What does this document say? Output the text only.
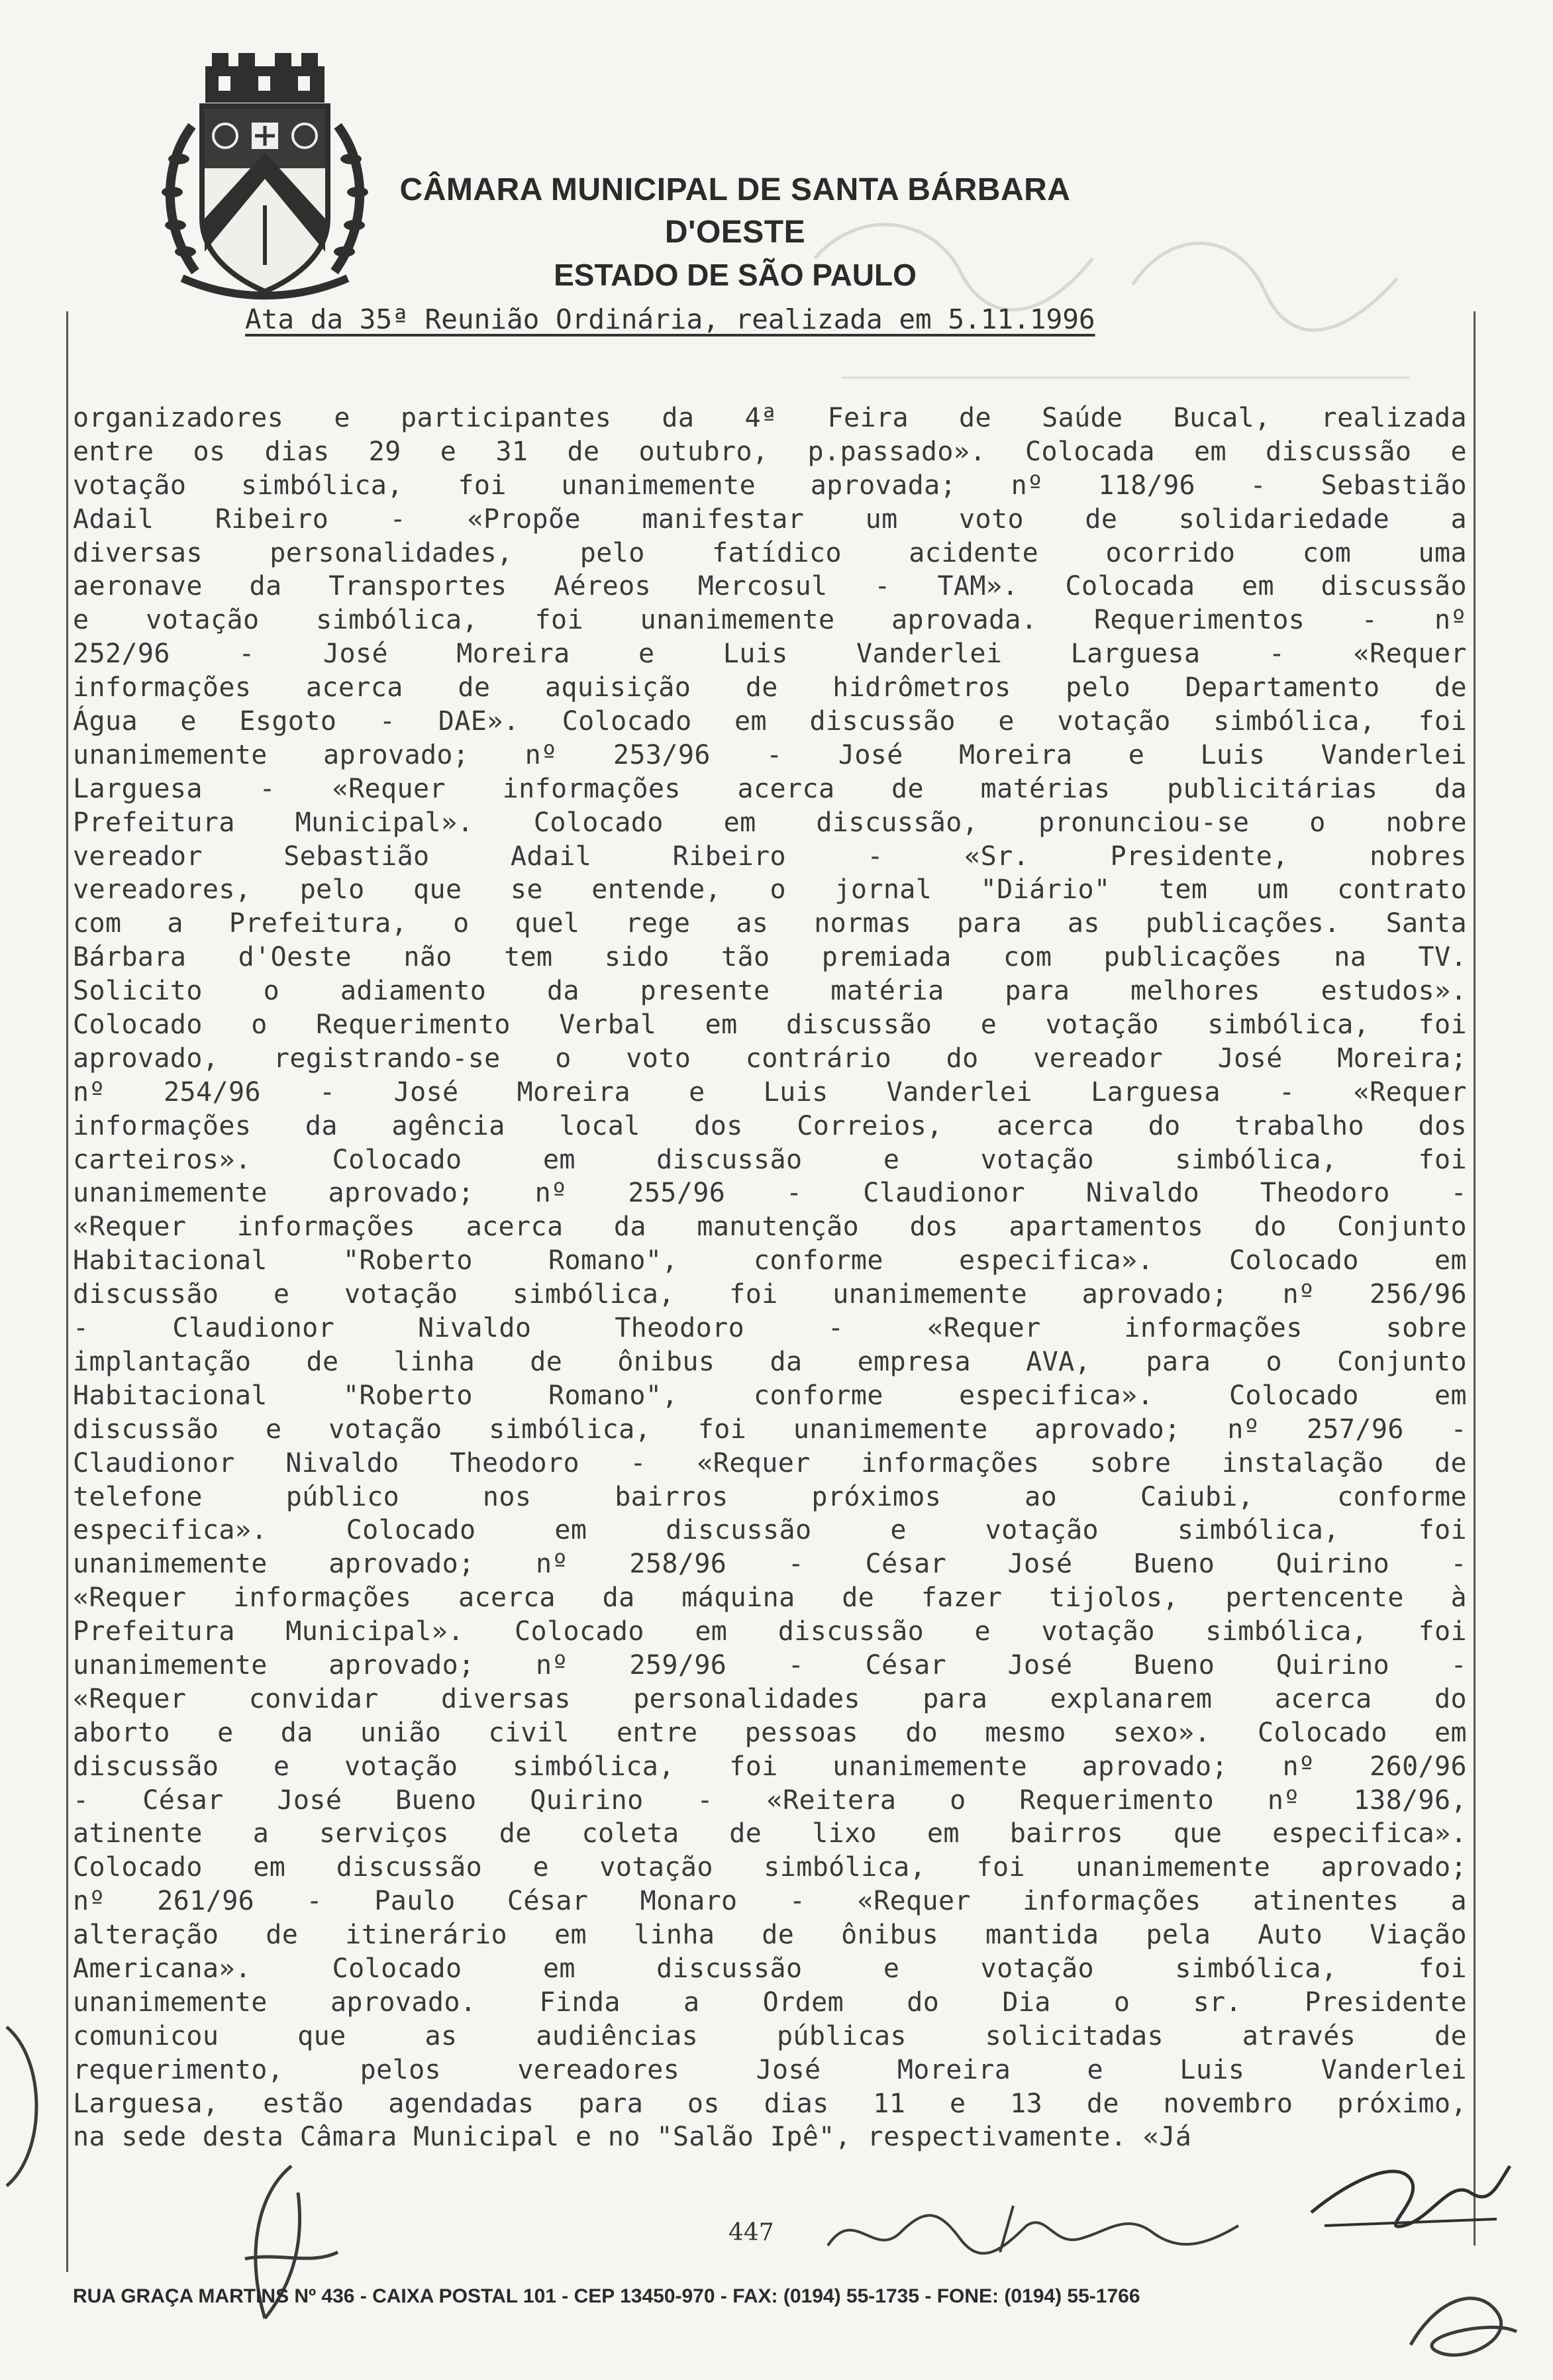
CÂMARA MUNICIPAL DE SANTA BÁRBARA D'OESTE
ESTADO DE SÃO PAULO
Ata da 35ª Reunião Ordinária, realizada em 5.11.1996
organizadores e participantes da 4ª Feira de Saúde Bucal, realizada
entre os dias 29 e 31 de outubro, p.passado». Colocada em discussão e
votação simbólica, foi unanimemente aprovada; nº 118/96 - Sebastião
Adail Ribeiro - «Propõe manifestar um voto de solidariedade a
diversas personalidades, pelo fatídico acidente ocorrido com uma
aeronave da Transportes Aéreos Mercosul - TAM». Colocada em discussão
e votação simbólica, foi unanimemente aprovada. Requerimentos - nº
252/96 - José Moreira e Luis Vanderlei Larguesa - «Requer
informações acerca de aquisição de hidrômetros pelo Departamento de
Água e Esgoto - DAE». Colocado em discussão e votação simbólica, foi
unanimemente aprovado; nº 253/96 - José Moreira e Luis Vanderlei
Larguesa - «Requer informações acerca de matérias publicitárias da
Prefeitura Municipal». Colocado em discussão, pronunciou-se o nobre
vereador Sebastião Adail Ribeiro - «Sr. Presidente, nobres
vereadores, pelo que se entende, o jornal "Diário" tem um contrato
com a Prefeitura, o quel rege as normas para as publicações. Santa
Bárbara d'Oeste não tem sido tão premiada com publicações na TV.
Solicito o adiamento da presente matéria para melhores estudos».
Colocado o Requerimento Verbal em discussão e votação simbólica, foi
aprovado, registrando-se o voto contrário do vereador José Moreira;
nº 254/96 - José Moreira e Luis Vanderlei Larguesa - «Requer
informações da agência local dos Correios, acerca do trabalho dos
carteiros». Colocado em discussão e votação simbólica, foi
unanimemente aprovado; nº 255/96 - Claudionor Nivaldo Theodoro -
«Requer informações acerca da manutenção dos apartamentos do Conjunto
Habitacional "Roberto Romano", conforme especifica». Colocado em
discussão e votação simbólica, foi unanimemente aprovado; nº 256/96
- Claudionor Nivaldo Theodoro - «Requer informações sobre
implantação de linha de ônibus da empresa AVA, para o Conjunto
Habitacional "Roberto Romano", conforme especifica». Colocado em
discussão e votação simbólica, foi unanimemente aprovado; nº 257/96 -
Claudionor Nivaldo Theodoro - «Requer informações sobre instalação de
telefone público nos bairros próximos ao Caiubi, conforme
especifica». Colocado em discussão e votação simbólica, foi
unanimemente aprovado; nº 258/96 - César José Bueno Quirino -
«Requer informações acerca da máquina de fazer tijolos, pertencente à
Prefeitura Municipal». Colocado em discussão e votação simbólica, foi
unanimemente aprovado; nº 259/96 - César José Bueno Quirino -
«Requer convidar diversas personalidades para explanarem acerca do
aborto e da união civil entre pessoas do mesmo sexo». Colocado em
discussão e votação simbólica, foi unanimemente aprovado; nº 260/96
- César José Bueno Quirino - «Reitera o Requerimento nº 138/96,
atinente a serviços de coleta de lixo em bairros que especifica».
Colocado em discussão e votação simbólica, foi unanimemente aprovado;
nº 261/96 - Paulo César Monaro - «Requer informações atinentes a
alteração de itinerário em linha de ônibus mantida pela Auto Viação
Americana». Colocado em discussão e votação simbólica, foi
unanimemente aprovado. Finda a Ordem do Dia o sr. Presidente
comunicou que as audiências públicas solicitadas através de
requerimento, pelos vereadores José Moreira e Luis Vanderlei
Larguesa, estão agendadas para os dias 11 e 13 de novembro próximo,
na sede desta Câmara Municipal e no "Salão Ipê", respectivamente. «Já
447
RUA GRAÇA MARTINS Nº 436 - CAIXA POSTAL 101 - CEP 13450-970 - FAX: (0194) 55-1735 - FONE: (0194) 55-1766
